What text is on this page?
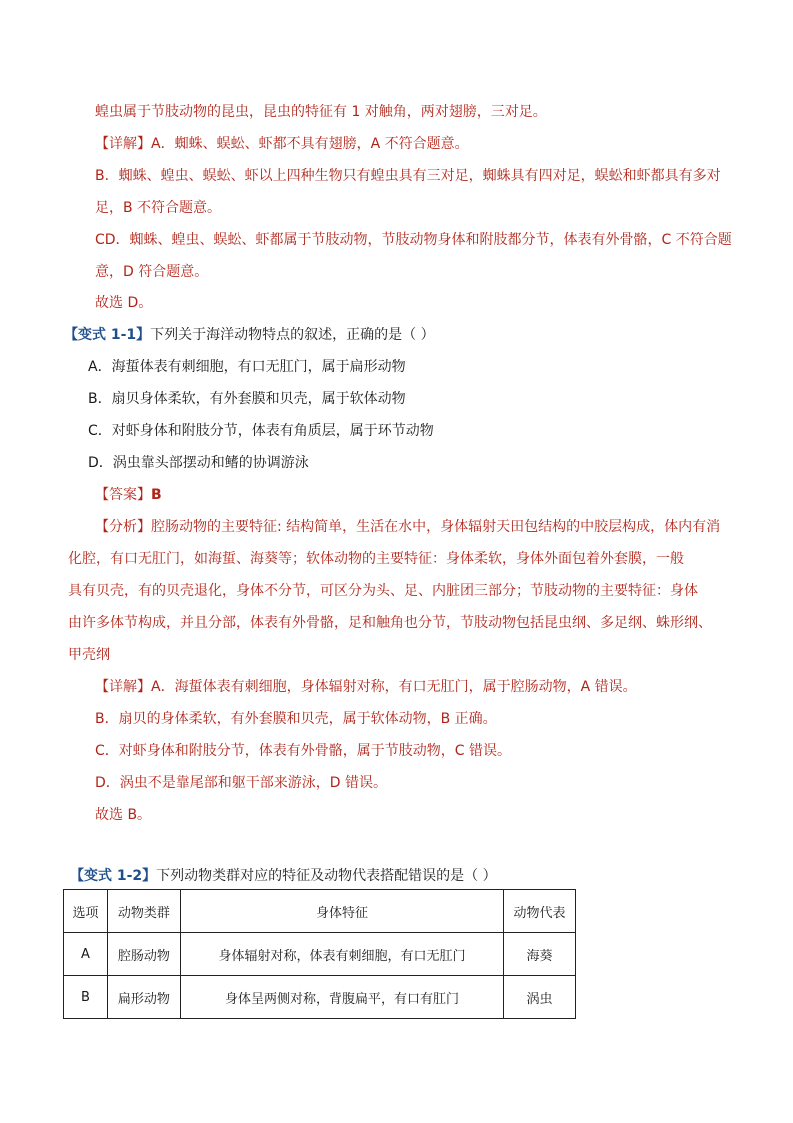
蝗虫属于节肢动物的昆虫，昆虫的特征有 1 对触角，两对翅膀，三对足。
【详解】A．蜘蛛、蜈蚣、虾都不具有翅膀，A 不符合题意。
B．蜘蛛、蝗虫、蜈蚣、虾以上四种生物只有蝗虫具有三对足，蜘蛛具有四对足，蜈蚣和虾都具有多对
足，B 不符合题意。
CD．蜘蛛、蝗虫、蜈蚣、虾都属于节肢动物，节肢动物身体和附肢都分节，体表有外骨骼，C 不符合题
意，D 符合题意。
故选 D。
【变式 1-1】下列关于海洋动物特点的叙述，正确的是（ ）
A．海蜇体表有刺细胞，有口无肛门，属于扁形动物
B．扇贝身体柔软，有外套膜和贝壳，属于软体动物
C．对虾身体和附肢分节，体表有角质层，属于环节动物
D．涡虫靠头部摆动和鳍的协调游泳
【答案】B
【分析】腔肠动物的主要特征: 结构简单，生活在水中，身体辐射天田包结构的中胶层构成，体内有消
化腔，有口无肛门，如海蜇、海葵等；软体动物的主要特征：身体柔软，身体外面包着外套膜，一般
具有贝壳，有的贝壳退化，身体不分节，可区分为头、足、内脏团三部分；节肢动物的主要特征：身体
由许多体节构成，并且分部，体表有外骨骼，足和触角也分节，节肢动物包括昆虫纲、多足纲、蛛形纲、
甲壳纲
【详解】A．海蜇体表有刺细胞，身体辐射对称，有口无肛门，属于腔肠动物，A 错误。
B．扇贝的身体柔软，有外套膜和贝壳，属于软体动物，B 正确。
C．对虾身体和附肢分节，体表有外骨骼，属于节肢动物，C 错误。
D．涡虫不是靠尾部和躯干部来游泳，D 错误。
故选 B。
【变式 1-2】下列动物类群对应的特征及动物代表搭配错误的是（ ）
选项	动物类群	身体特征	动物代表
A	腔肠动物	身体辐射对称，体表有刺细胞，有口无肛门	海葵
B	扁形动物	身体呈两侧对称，背腹扁平，有口有肛门	涡虫
